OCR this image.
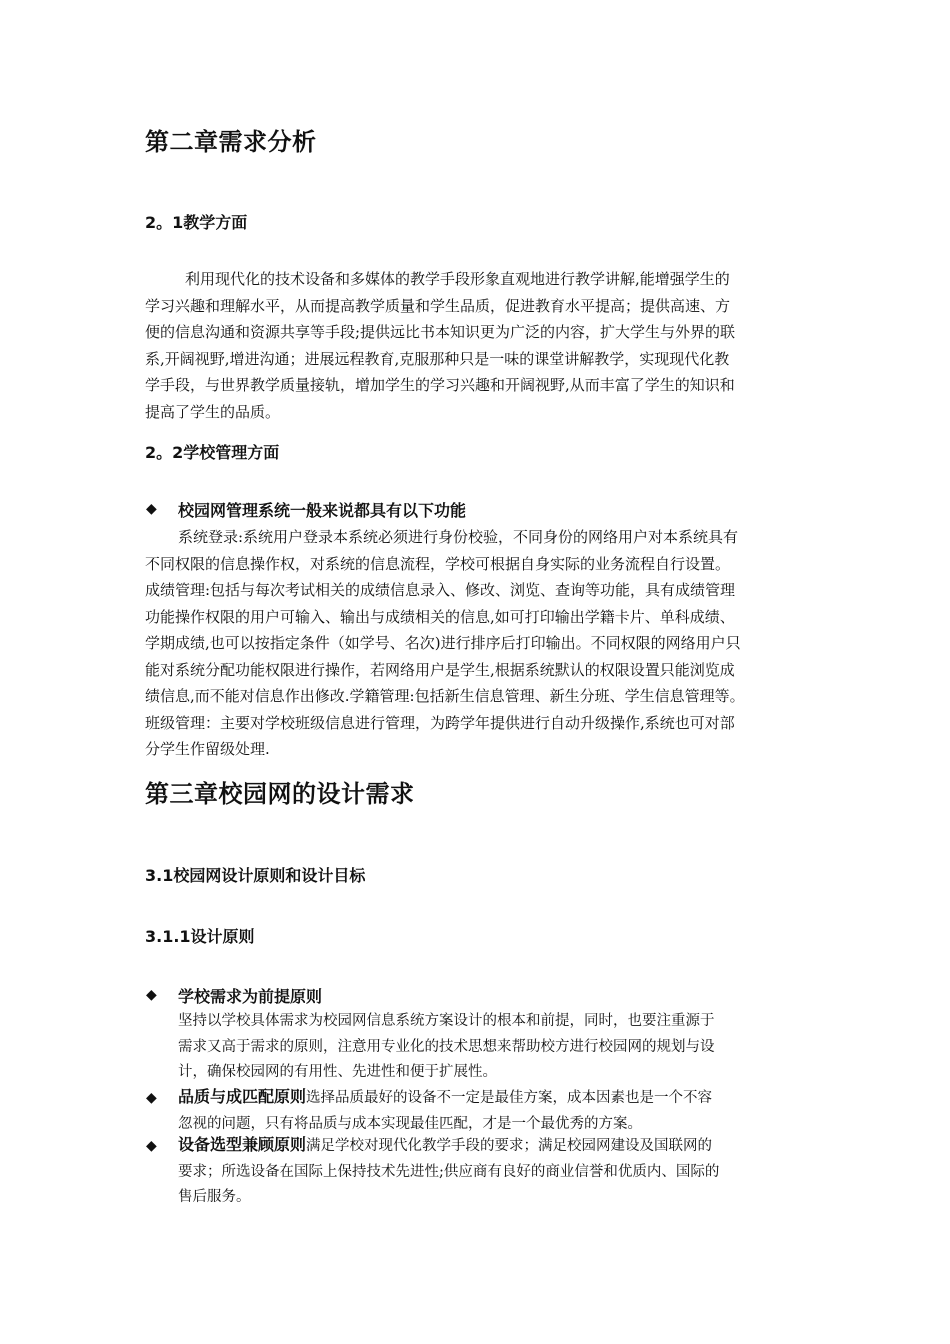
第二章需求分析
2。1教学方面
利用现代化的技术设备和多媒体的教学手段形象直观地进行教学讲解,能增强学生的
学习兴趣和理解水平，从而提高教学质量和学生品质，促进教育水平提高；提供高速、方
便的信息沟通和资源共享等手段;提供远比书本知识更为广泛的内容，扩大学生与外界的联
系,开阔视野,增进沟通；进展远程教育,克服那种只是一味的课堂讲解教学，实现现代化教
学手段，与世界教学质量接轨，增加学生的学习兴趣和开阔视野,从而丰富了学生的知识和
提高了学生的品质。
2。2学校管理方面
◆ 校园网管理系统一般来说都具有以下功能
系统登录:系统用户登录本系统必须进行身份校验，不同身份的网络用户对本系统具有
不同权限的信息操作权，对系统的信息流程，学校可根据自身实际的业务流程自行设置。
成绩管理:包括与每次考试相关的成绩信息录入、修改、浏览、查询等功能，具有成绩管理
功能操作权限的用户可输入、输出与成绩相关的信息,如可打印输出学籍卡片、单科成绩、
学期成绩,也可以按指定条件（如学号、名次)进行排序后打印输出。不同权限的网络用户只
能对系统分配功能权限进行操作，若网络用户是学生,根据系统默认的权限设置只能浏览成
绩信息,而不能对信息作出修改.学籍管理:包括新生信息管理、新生分班、学生信息管理等。
班级管理：主要对学校班级信息进行管理，为跨学年提供进行自动升级操作,系统也可对部
分学生作留级处理.
第三章校园网的设计需求
3.1校园网设计原则和设计目标
3.1.1设计原则
◆ 学校需求为前提原则
坚持以学校具体需求为校园网信息系统方案设计的根本和前提，同时，也要注重源于
需求又高于需求的原则，注意用专业化的技术思想来帮助校方进行校园网的规划与设
计，确保校园网的有用性、先进性和便于扩展性。
◆ 品质与成匹配原则选择品质最好的设备不一定是最佳方案，成本因素也是一个不容
忽视的问题，只有将品质与成本实现最佳匹配，才是一个最优秀的方案。
◆ 设备选型兼顾原则满足学校对现代化教学手段的要求；满足校园网建设及国联网的
要求；所选设备在国际上保持技术先进性;供应商有良好的商业信誉和优质内、国际的
售后服务。
